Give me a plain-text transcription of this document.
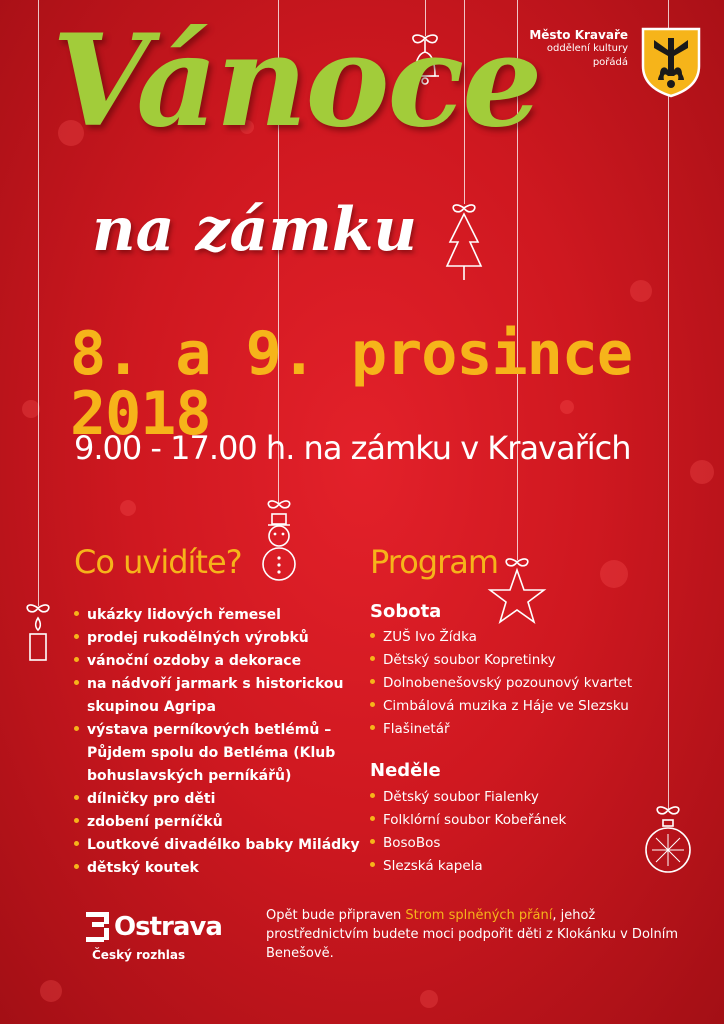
Město Kravaře
oddělení kultury
pořádá
Vánoce
na zámku
8. a 9. prosince 2018
9.00 - 17.00 h. na zámku v Kravařích
Co uvidíte?
ukázky lidových řemesel
prodej rukodělných výrobků
vánoční ozdoby a dekorace
na nádvoří jarmark s historickou skupinou Agripa
výstava perníkových betlémů – Půjdem spolu do Betléma (Klub bohuslavských perníkářů)
dílničky pro děti
zdobení perníčků
Loutkové divadélko babky Miládky
dětský koutek
Program
Sobota
ZUŠ Ivo Žídka
Dětský soubor Kopretinky
Dolnobenešovský pozounový kvartet
Cimbálová muzika z Háje ve Slezsku
Flašinetář
Neděle
Dětský soubor Fialenky
Folklórní soubor Kobeřánek
BosoBos
Slezská kapela
Ostrava
Český rozhlas
Opět bude připraven Strom splněných přání, jehož prostřednictvím budete moci podpořit děti z Klokánku v Dolním Benešově.
